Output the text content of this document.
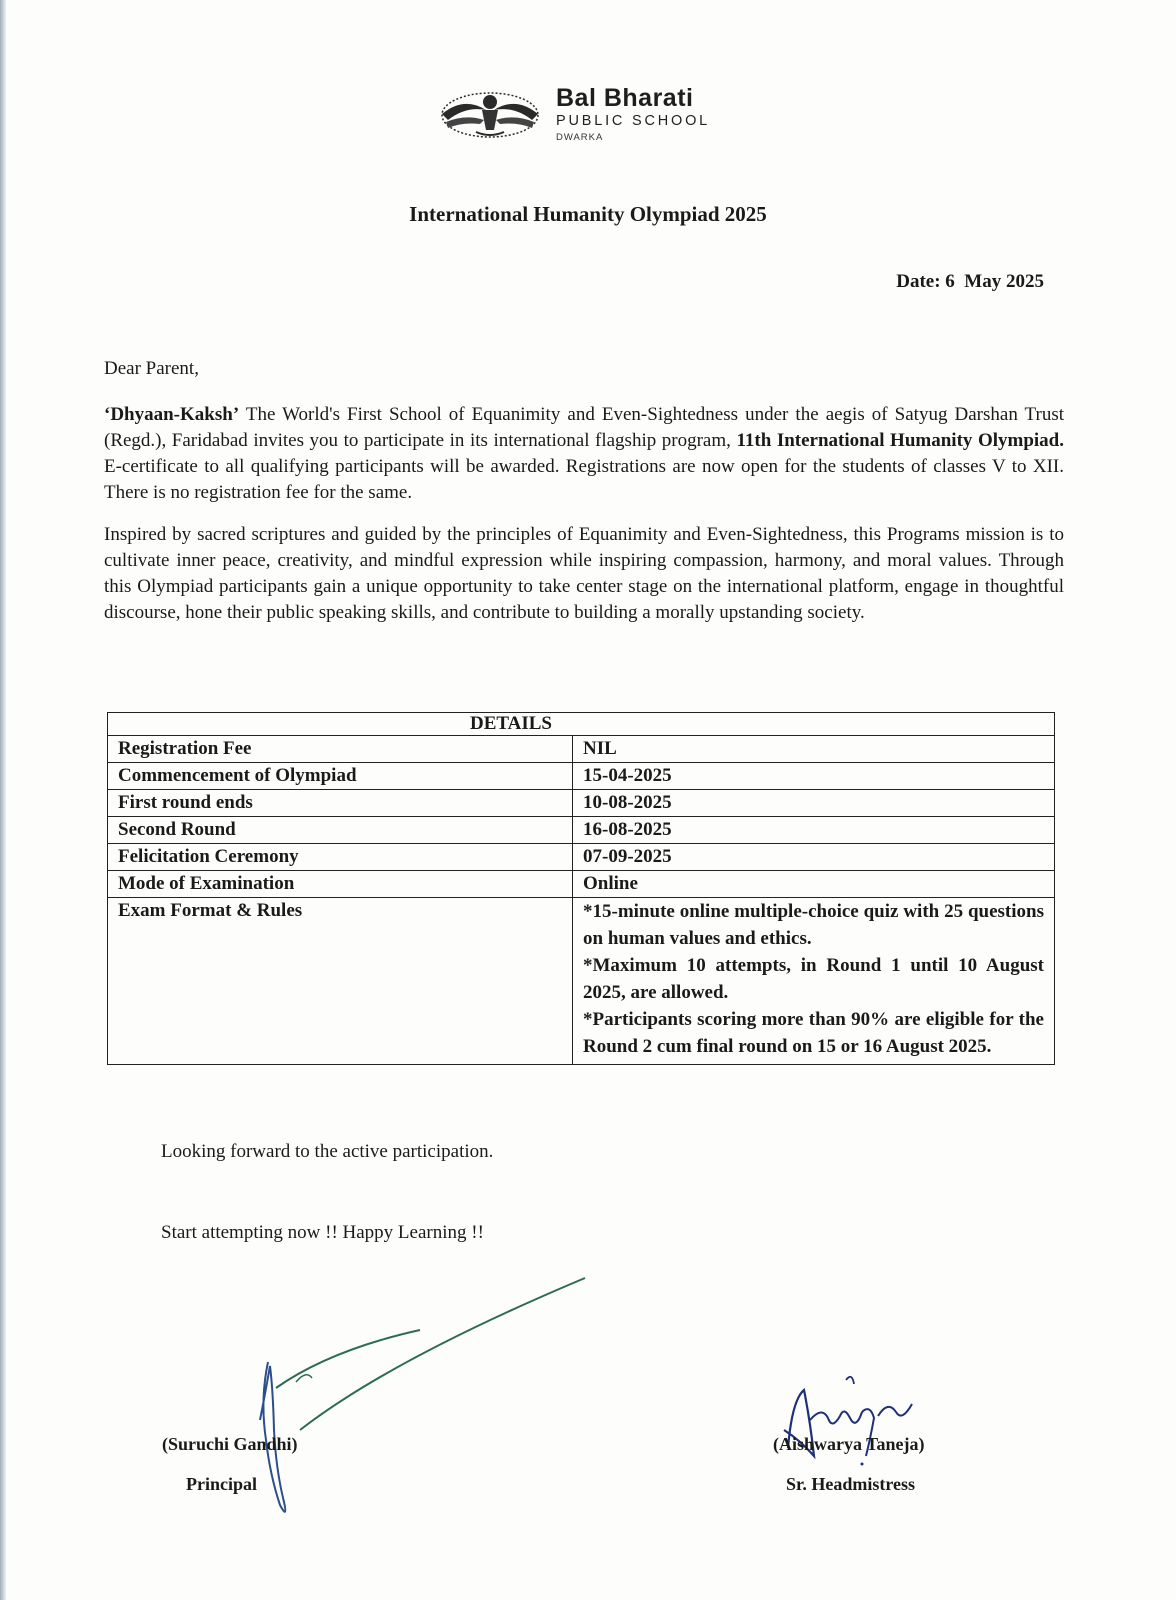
Bal Bharati
PUBLIC SCHOOL
DWARKA
International Humanity Olympiad 2025
Date: 6  May 2025
Dear Parent,
‘Dhyaan-Kaksh’ The World's First School of Equanimity and Even-Sightedness under the aegis of Satyug Darshan Trust (Regd.), Faridabad invites you to participate in its international flagship program, 11th International Humanity Olympiad. E-certificate to all qualifying participants will be awarded. Registrations are now open for the students of classes V to XII. There is no registration fee for the same.
Inspired by sacred scriptures and guided by the principles of Equanimity and Even-Sightedness, this Programs mission is to cultivate inner peace, creativity, and mindful expression while inspiring compassion, harmony, and moral values. Through this Olympiad participants gain a unique opportunity to take center stage on the international platform, engage in thoughtful discourse, hone their public speaking skills, and contribute to building a morally upstanding society.
DETAILS	
Registration Fee	NIL
Commencement of Olympiad	15-04-2025
First round ends	10-08-2025
Second Round	16-08-2025
Felicitation Ceremony	07-09-2025
Mode of Examination	Online
Exam Format & Rules	*15-minute online multiple-choice quiz with 25 questions on human values and ethics.
*Maximum 10 attempts, in Round 1 until 10 August 2025, are allowed.
*Participants scoring more than 90% are eligible for the Round 2 cum final round on 15 or 16 August 2025.
Looking forward to the active participation.
Start attempting now !! Happy Learning !!
(Suruchi Gandhi)
Principal
(Aishwarya Taneja)
Sr. Headmistress
